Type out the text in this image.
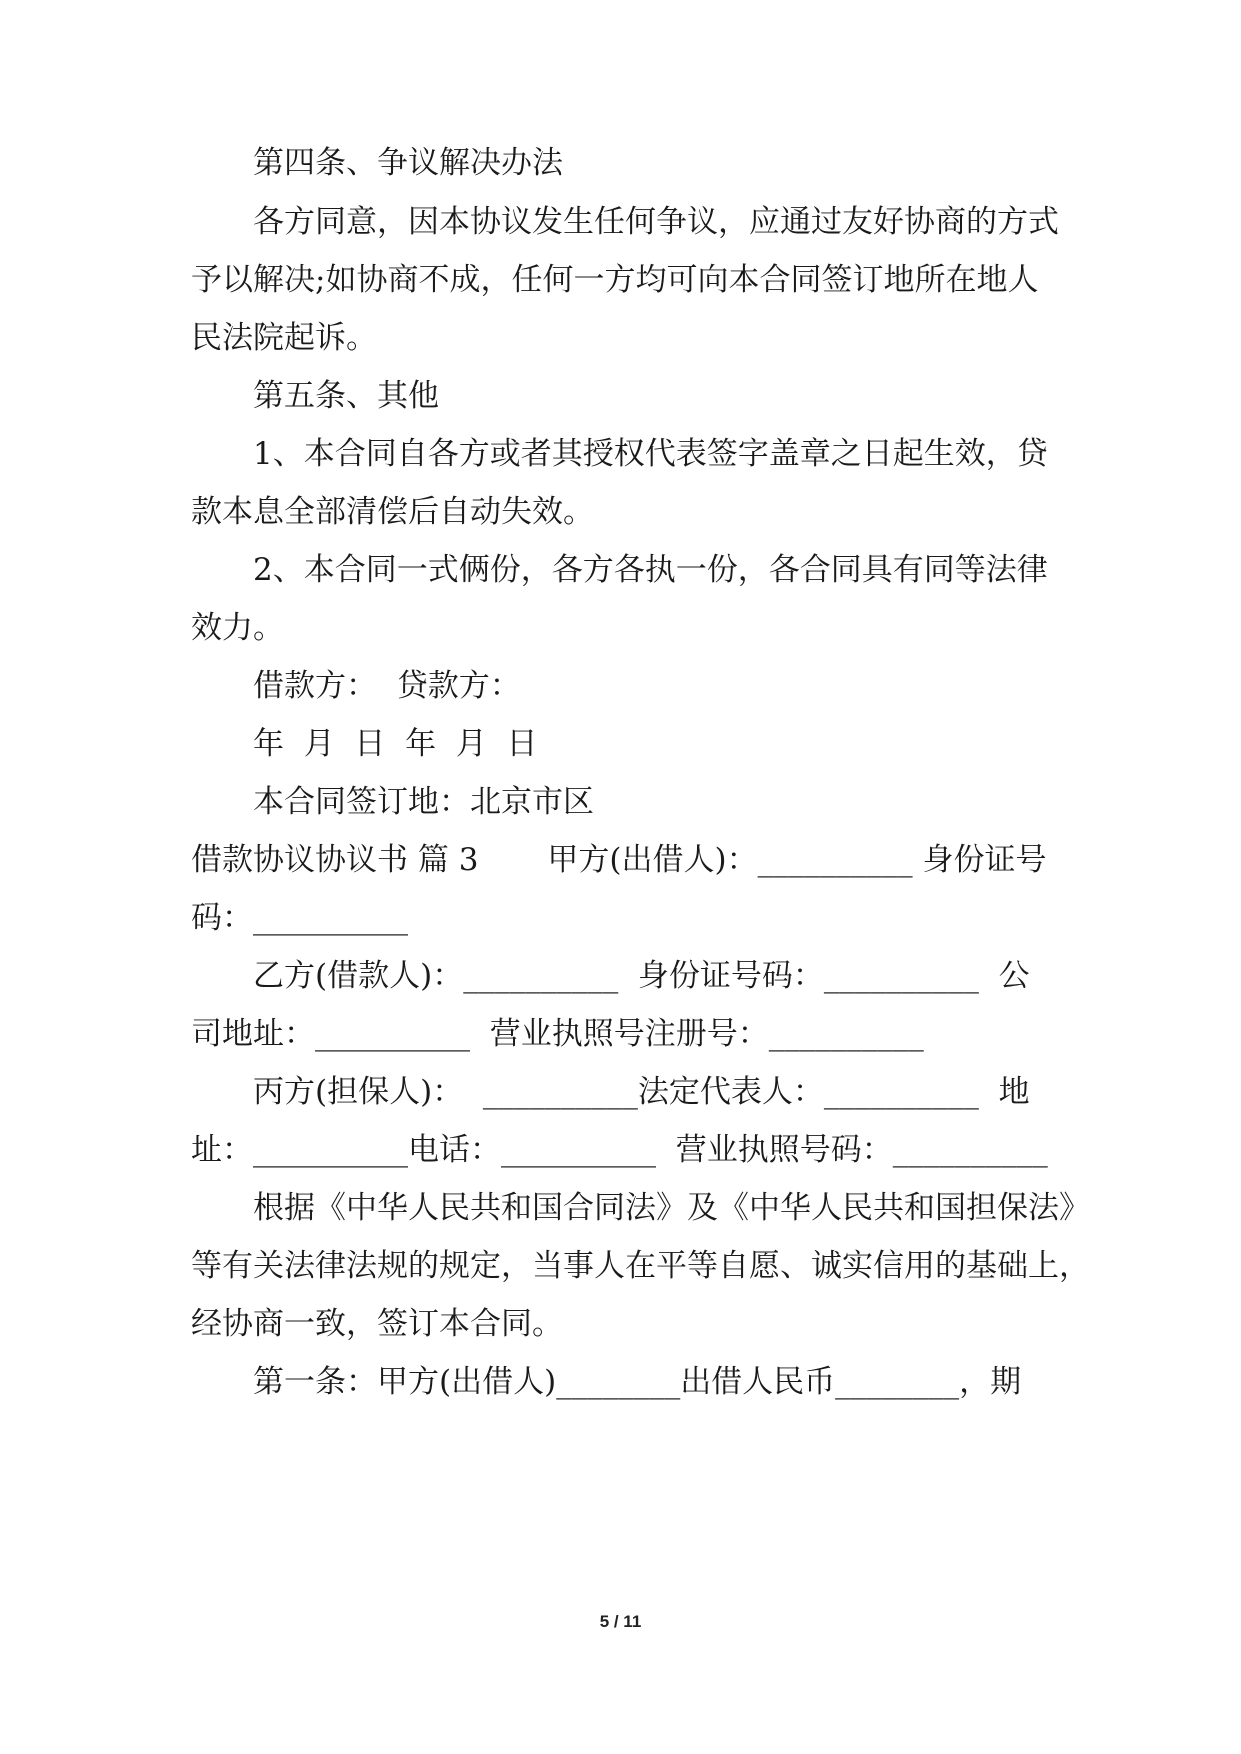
第四条、争议解决办法
各方同意，因本协议发生任何争议，应通过友好协商的方式
予以解决;如协商不成，任何一方均可向本合同签订地所在地人
民法院起诉。
第五条、其他
1、本合同自各方或者其授权代表签字盖章之日起生效，贷
款本息全部清偿后自动失效。
2、本合同一式俩份，各方各执一份，各合同具有同等法律
效力。
借款方：  贷款方：
年  月  日  年  月  日
本合同签订地：北京市区
借款协议协议书 篇 3       甲方(出借人)：__________ 身份证号
码：__________
乙方(借款人)：__________  身份证号码：__________  公
司地址：__________  营业执照号注册号：__________
丙方(担保人)：  __________法定代表人：__________  地
址：__________电话：__________  营业执照号码：__________
根据《中华人民共和国合同法》及《中华人民共和国担保法》
等有关法律法规的规定，当事人在平等自愿、诚实信用的基础上，
经协商一致，签订本合同。
第一条：甲方(出借人)________出借人民币________，期
5 / 11
